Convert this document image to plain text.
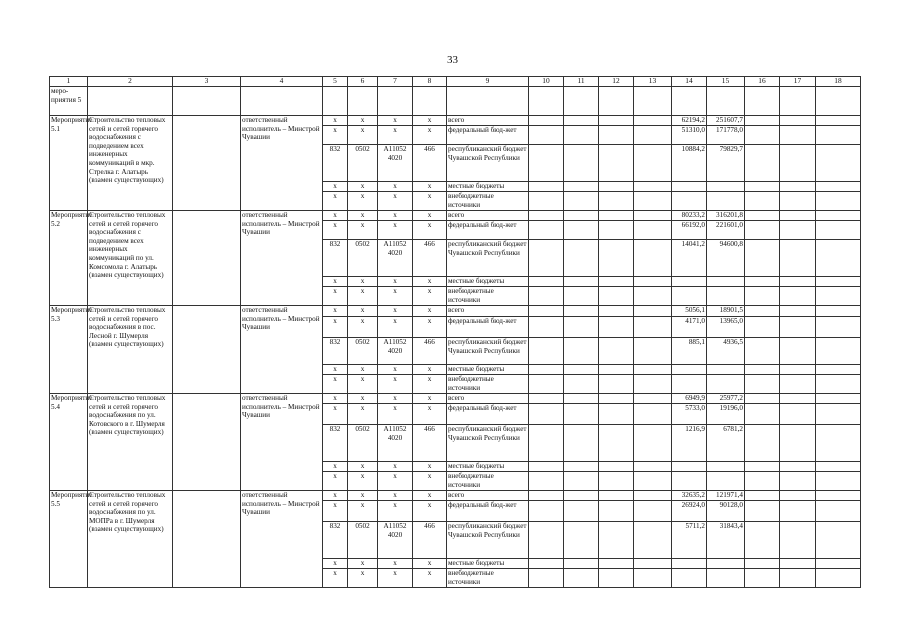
33
1	2	3	4	5	6	7	8	9	10	11	12	13	14	15	16	17	18
меро-приятия 5																	
Мероприятие 5.1	Строительство тепловых сетей и сетей горячего водоснабжения с подведением всех инженерных коммуникаций в мкр. Стрелка г. Алатырь (взамен существующих)		ответственный исполнитель – Минстрой Чувашии	x	x	x	x	всего					62194,2	251607,7			
				x	x	x	x	федеральный бюд-жет					51310,0	171778,0			
				832	0502	А11052 4020	466	республиканский бюджет Чувашской Республики					10884,2	79829,7			
				x	x	x	x	местные бюджеты									
				x	x	x	x	внебюджетные источники									
Мероприятие 5.2	Строительство тепловых сетей и сетей горячего водоснабжения с подведением всех инженерных коммуникаций по ул. Комсомола г. Алатырь (взамен существующих)		ответственный исполнитель – Минстрой Чувашии	x	x	x	x	всего					80233,2	316201,8			
				x	x	x	x	федеральный бюд-жет					66192,0	221601,0			
				832	0502	А11052 4020	466	республиканский бюджет Чувашской Республики					14041,2	94600,8			
				x	x	x	x	местные бюджеты									
				x	x	x	x	внебюджетные источники									
Мероприятие 5.3	Строительство тепловых сетей и сетей горячего водоснабжения в пос. Лесной г. Шумерля (взамен существующих)		ответственный исполнитель – Минстрой Чувашии	x	x	x	x	всего					5056,1	18901,5			
				x	x	x	x	федеральный бюд-жет					4171,0	13965,0			
				832	0502	А11052 4020	466	республиканский бюджет Чувашской Республики					885,1	4936,5			
				x	x	x	x	местные бюджеты									
				x	x	x	x	внебюджетные источники									
Мероприятие 5.4	Строительство тепловых сетей и сетей горячего водоснабжения по ул. Котовского в г. Шумерля (взамен существующих)		ответственный исполнитель – Минстрой Чувашии	x	x	x	x	всего					6949,9	25977,2			
				x	x	x	x	федеральный бюд-жет					5733,0	19196,0			
				832	0502	А11052 4020	466	республиканский бюджет Чувашской Республики					1216,9	6781,2			
				x	x	x	x	местные бюджеты									
				x	x	x	x	внебюджетные источники									
Мероприятие 5.5	Строительство тепловых сетей и сетей горячего водоснабжения по ул. МОПРа в г. Шумерля (взамен существующих)		ответственный исполнитель – Минстрой Чувашии	x	x	x	x	всего					32635,2	121971,4			
				x	x	x	x	федеральный бюд-жет					26924,0	90128,0			
				832	0502	А11052 4020	466	республиканский бюджет Чувашской Республики					5711,2	31843,4			
				x	x	x	x	местные бюджеты									
				x	x	x	x	внебюджетные источники									
